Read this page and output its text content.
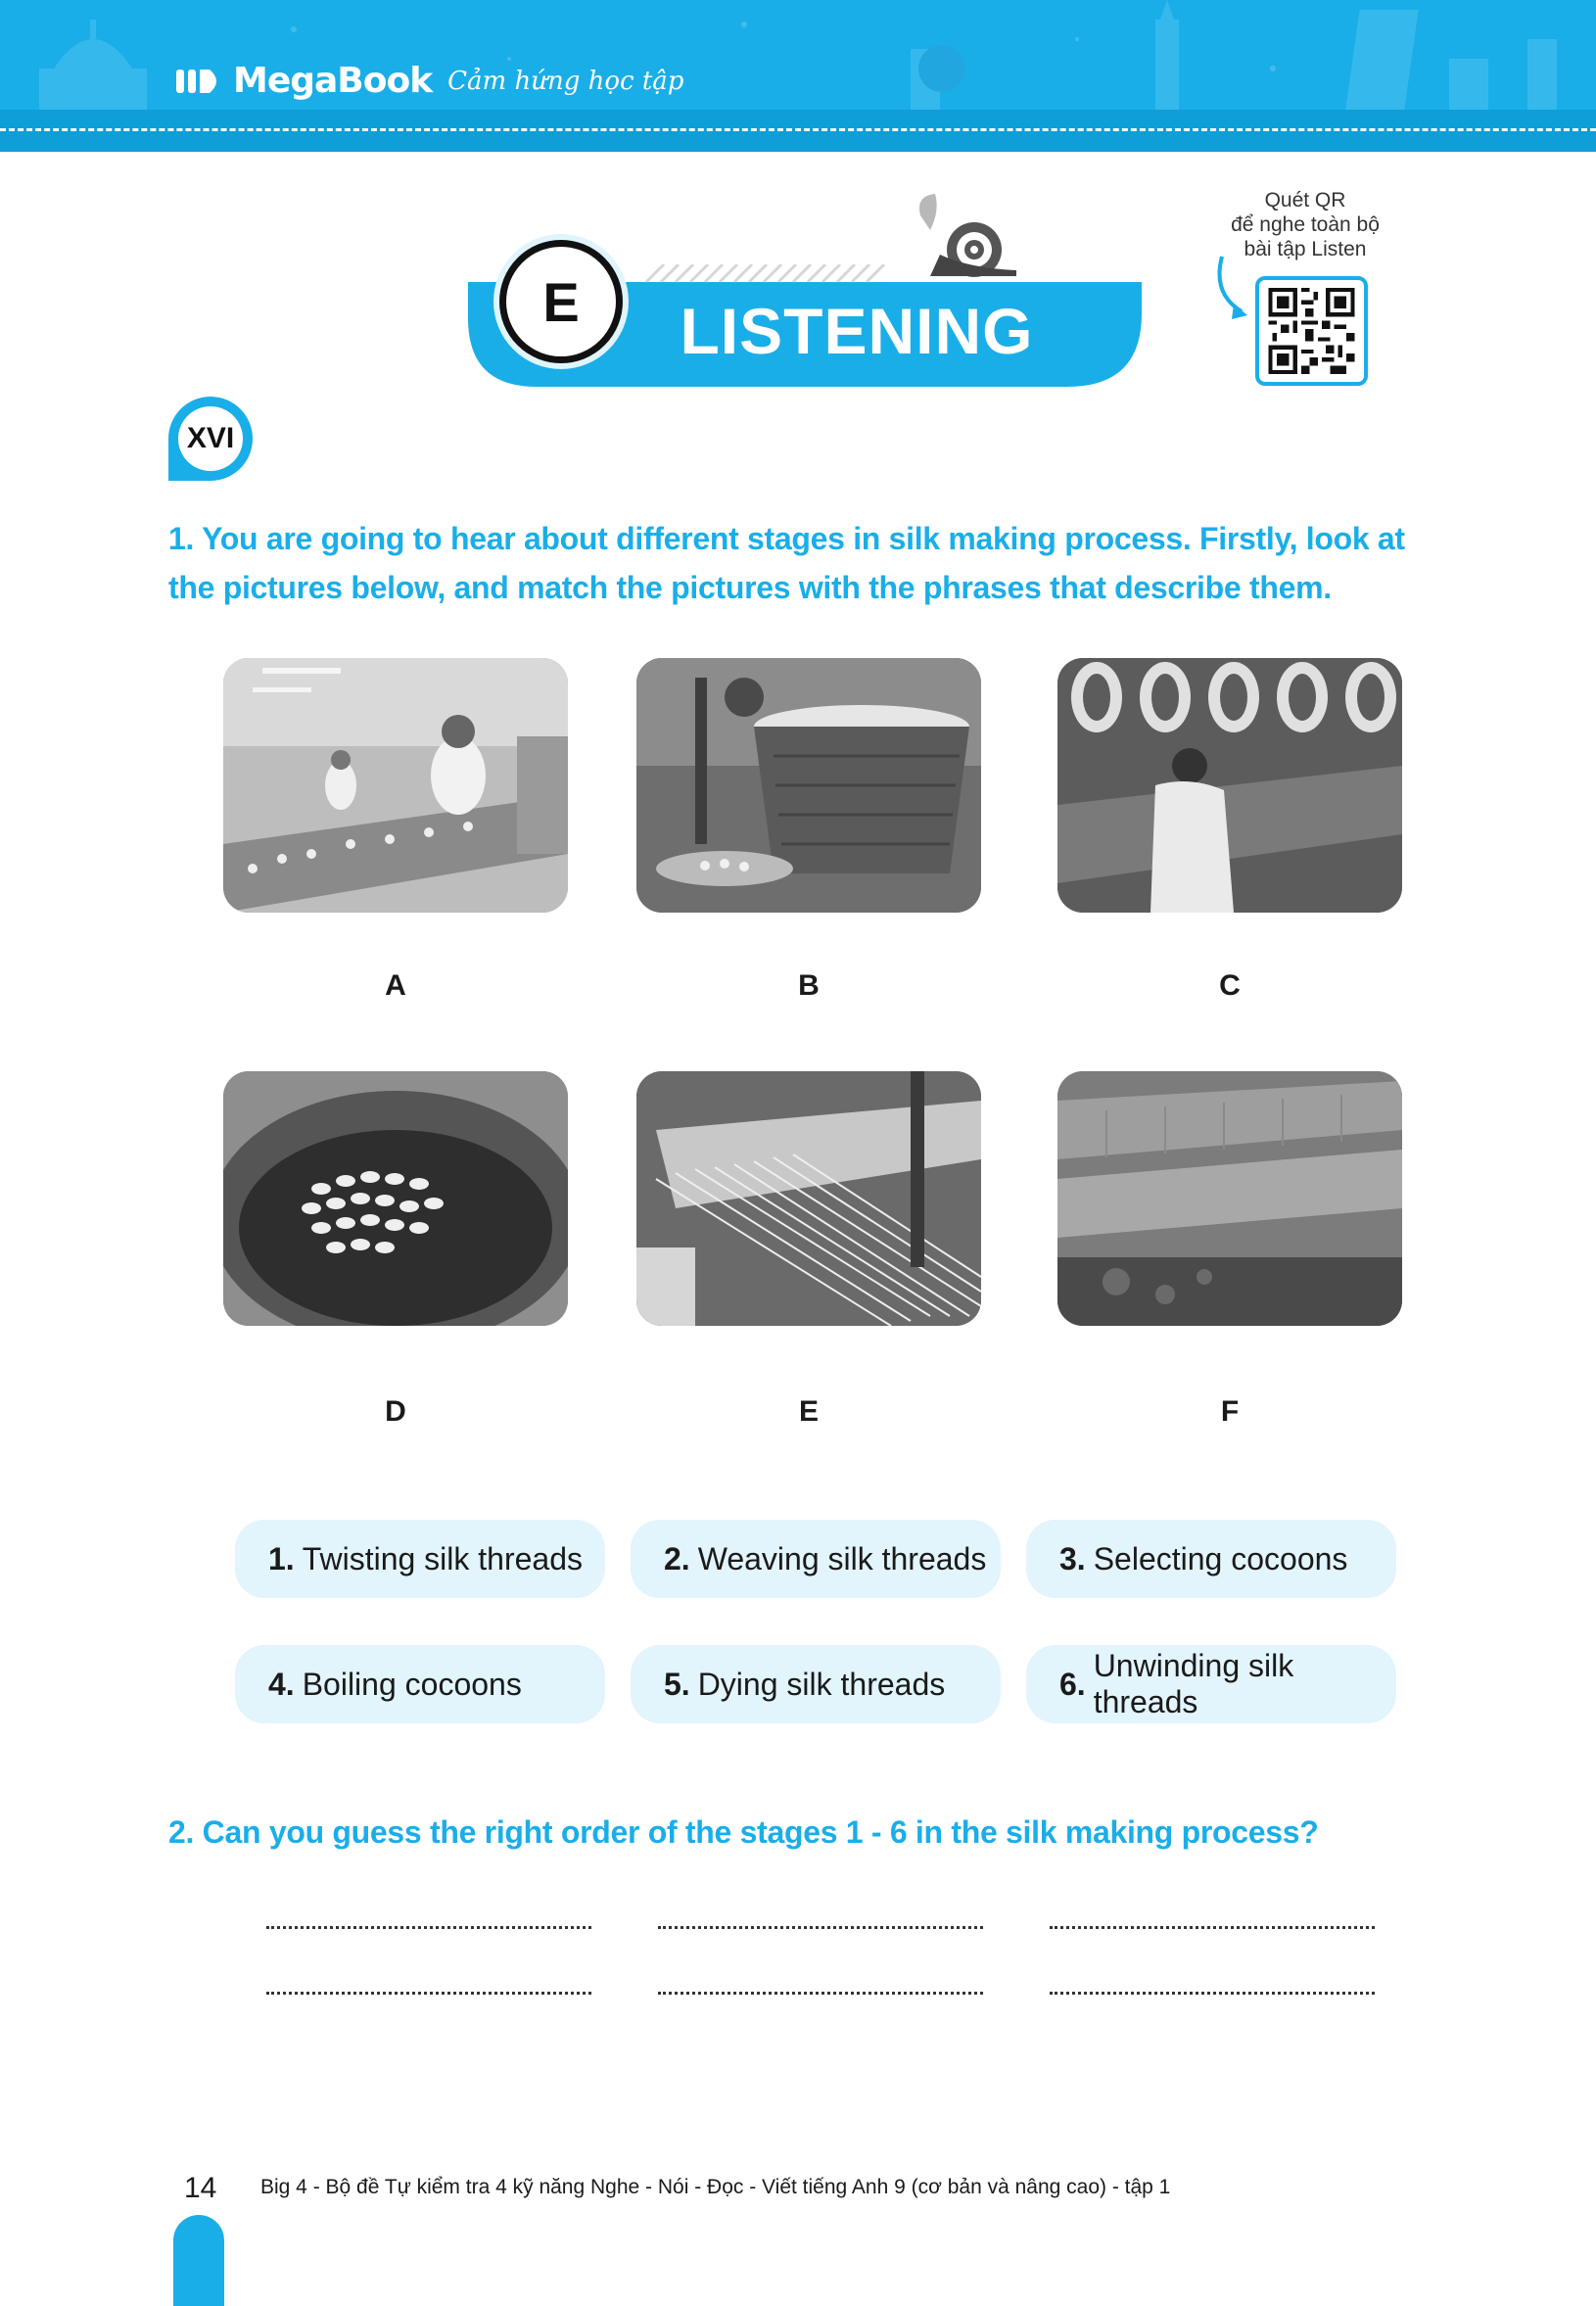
MegaBook Cảm hứng học tập
E	LISTENING
Quét QR
để nghe toàn bộ
bài tập Listen
XVI
1. You are going to hear about different stages in silk making process. Firstly, look at the pictures below, and match the pictures with the phrases that describe them.
A	B	C
D	E	F
1. Twisting silk threads	2. Weaving silk threads 3. Selecting cocoons
4. Boiling cocoons	5. Dying silk threads	6.
Unwinding silk threads
2. Can you guess the right order of the stages 1 - 6 in the silk making process?
14 Big 4 - Bộ đề Tự kiểm tra 4 kỹ năng Nghe - Nói - Đọc - Viết tiếng Anh 9 (cơ bản và nâng cao) - tập 1
